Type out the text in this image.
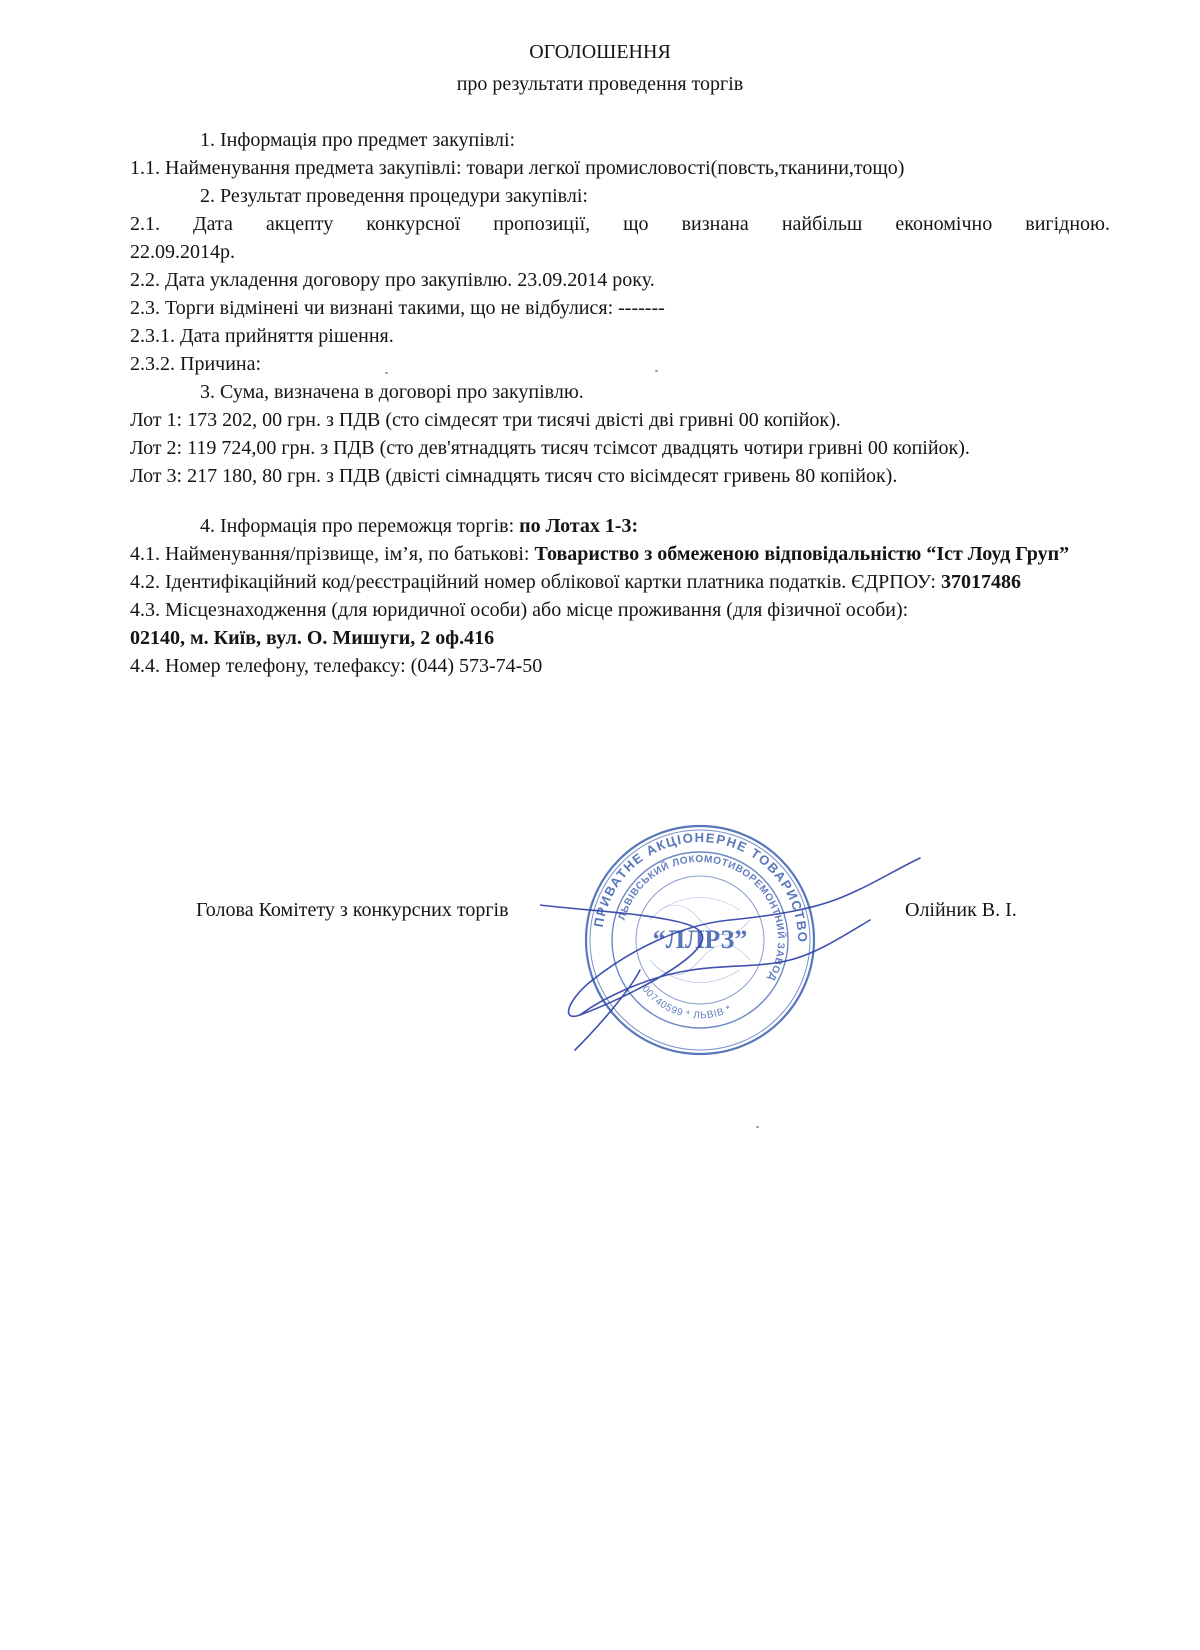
ОГОЛОШЕННЯ
про результати проведення торгів
1. Інформація про предмет закупівлі:
1.1. Найменування предмета закупівлі: товари легкої промисловості(повсть,тканини,тощо)
2. Результат проведення процедури закупівлі:
2.1. Дата акцепту конкурсної пропозиції, що визнана найбільш економічно вигідною.
22.09.2014р.
2.2. Дата укладення договору про закупівлю. 23.09.2014 року.
2.3. Торги відмінені чи визнані такими, що не відбулися: -------
2.3.1. Дата прийняття рішення.
2.3.2. Причина:
3. Сума, визначена в договорі про закупівлю.
Лот 1: 173 202, 00 грн. з ПДВ (сто сімдесят три тисячі двісті дві гривні 00 копійок).
Лот 2: 119 724,00 грн. з ПДВ (сто дев'ятнадцять тисяч тсімсот двадцять чотири гривні 00 копійок).
Лот 3: 217 180, 80 грн. з ПДВ (двісті сімнадцять тисяч сто вісімдесят гривень 80 копійок).
4. Інформація про переможця торгів: по Лотах 1-3:
4.1. Найменування/прізвище, ім’я, по батькові: Товариство з обмеженою відповідальністю “Іст Лоуд Груп”
4.2. Ідентифікаційний код/реєстраційний номер облікової картки платника податків. ЄДРПОУ: 37017486
4.3. Місцезнаходження (для юридичної особи) або місце проживання (для фізичної особи):
02140, м. Київ, вул. О. Мишуги, 2 оф.416
4.4. Номер телефону, телефаксу: (044) 573-74-50
ПРИВАТНЕ АКЦІОНЕРНЕ ТОВАРИСТВО
ЛЬВІВСЬКИЙ ЛОКОМОТИВОРЕМОНТНИЙ ЗАВОД
00740599 * ЛЬВІВ *
“ЛЛРЗ”
Голова Комітету з конкурсних торгів	Олійник В. І.
